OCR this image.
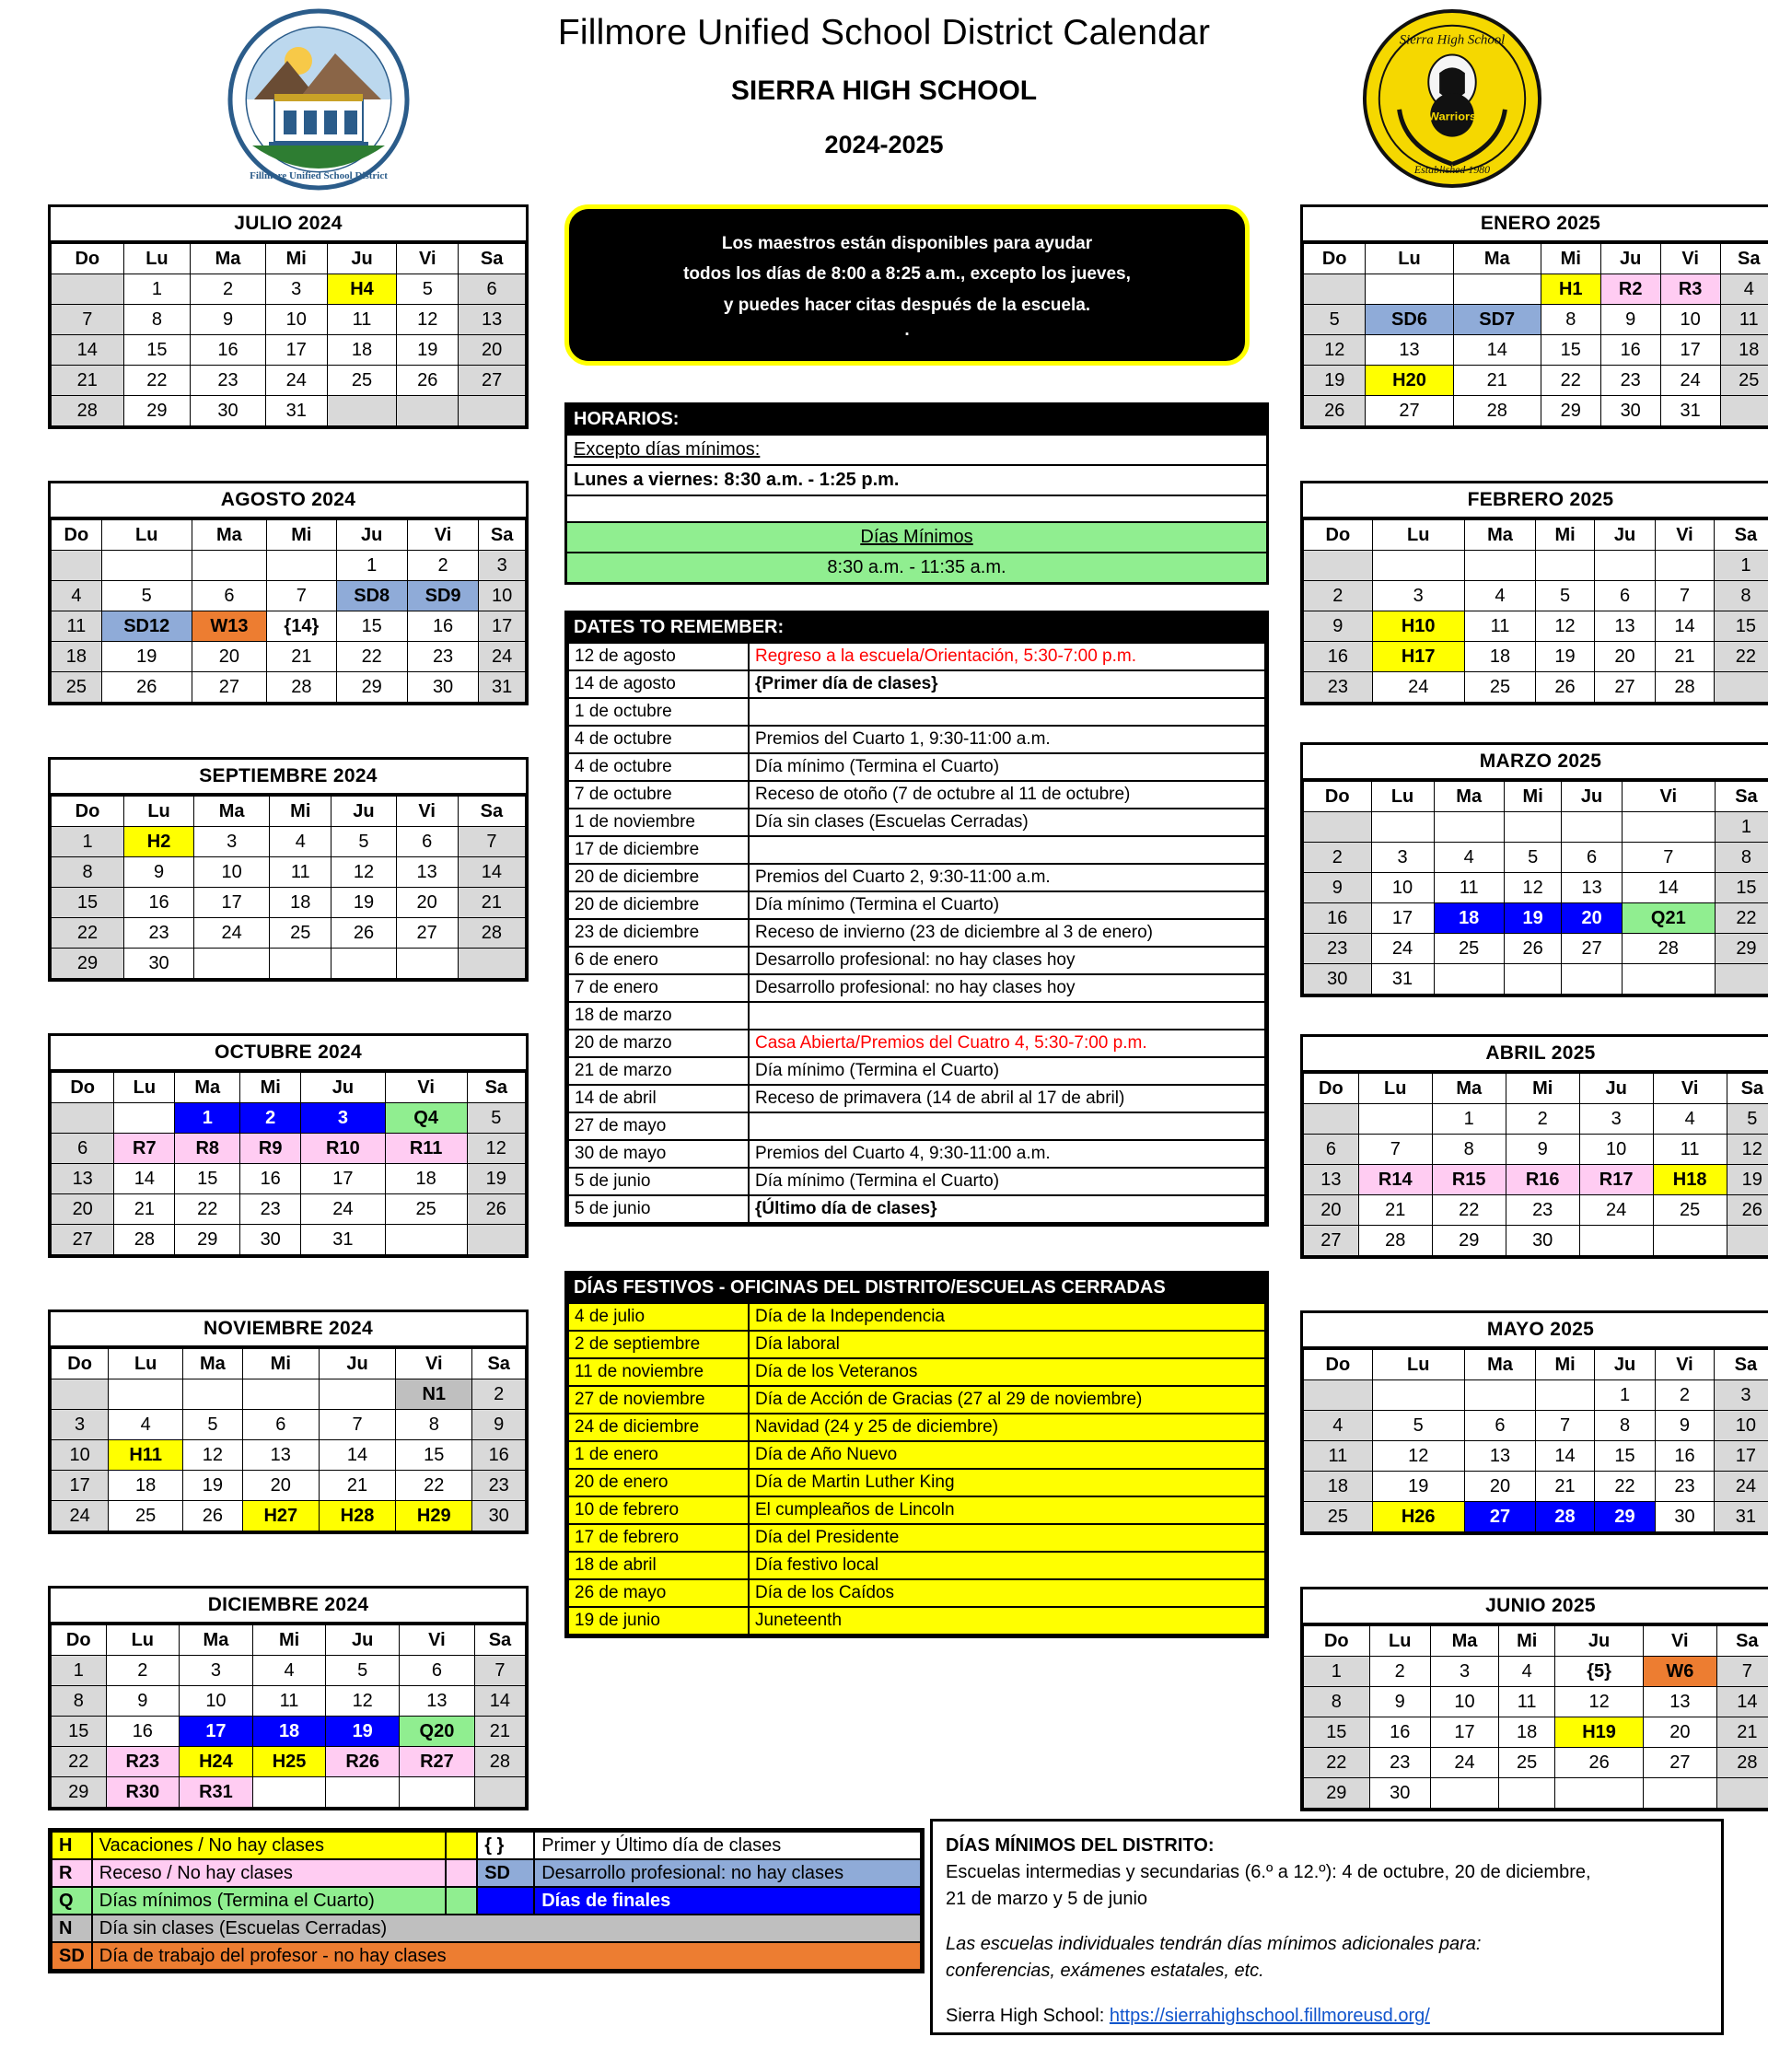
Fillmore Unified School District
Fillmore Unified School District Calendar
SIERRA HIGH SCHOOL
2024-2025
Sierra High School
Warriors
Established 1980
JULIO 2024
Do	Lu	Ma	Mi	Ju	Vi	Sa
	1	2	3	H4	5	6
7	8	9	10	11	12	13
14	15	16	17	18	19	20
21	22	23	24	25	26	27
28	29	30	31			
AGOSTO 2024
Do	Lu	Ma	Mi	Ju	Vi	Sa
				1	2	3
4	5	6	7	SD8	SD9	10
11	SD12	W13	{14}	15	16	17
18	19	20	21	22	23	24
25	26	27	28	29	30	31
SEPTIEMBRE 2024
Do	Lu	Ma	Mi	Ju	Vi	Sa
1	H2	3	4	5	6	7
8	9	10	11	12	13	14
15	16	17	18	19	20	21
22	23	24	25	26	27	28
29	30					
OCTUBRE 2024
Do	Lu	Ma	Mi	Ju	Vi	Sa
		1	2	3	Q4	5
6	R7	R8	R9	R10	R11	12
13	14	15	16	17	18	19
20	21	22	23	24	25	26
27	28	29	30	31		
NOVIEMBRE 2024
Do	Lu	Ma	Mi	Ju	Vi	Sa
					N1	2
3	4	5	6	7	8	9
10	H11	12	13	14	15	16
17	18	19	20	21	22	23
24	25	26	H27	H28	H29	30
DICIEMBRE 2024
Do	Lu	Ma	Mi	Ju	Vi	Sa
1	2	3	4	5	6	7
8	9	10	11	12	13	14
15	16	17	18	19	Q20	21
22	R23	H24	H25	R26	R27	28
29	R30	R31				
Los maestros están disponibles para ayudar
todos los días de 8:00 a 8:25 a.m., excepto los jueves,
y puedes hacer citas después de la escuela.
.
HORARIOS:
Excepto días mínimos:
Lunes a viernes: 8:30 a.m. - 1:25 p.m.
Días Mínimos
8:30 a.m. - 11:35 a.m.
DATES TO REMEMBER:
12 de agosto	Regreso a la escuela/Orientación, 5:30-7:00 p.m.
14 de agosto	{Primer día de clases}
1 de octubre	Finales (Cuarto 1) - 1 de octubre al 3 de octubre
4 de octubre	Premios del Cuarto 1, 9:30-11:00 a.m.
4 de octubre	Día mínimo (Termina el Cuarto)
7 de octubre	Receso de otoño (7 de octubre al 11 de octubre)
1 de noviembre	Día sin clases (Escuelas Cerradas)
17 de diciembre	Finales (Cuarto 2) - 17 de dic. al 19 de dic.
20 de diciembre	Premios del Cuarto 2, 9:30-11:00 a.m.
20 de diciembre	Día mínimo (Termina el Cuarto)
23 de diciembre	Receso de invierno (23 de diciembre al 3 de enero)
6 de enero	Desarrollo profesional: no hay clases hoy
7 de enero	Desarrollo profesional: no hay clases hoy
18 de marzo	Finales (Cuarto 3) - 18 de marzo al 20 de marzo
20 de marzo	Casa Abierta/Premios del Cuatro 4, 5:30-7:00 p.m.
21 de marzo	Día mínimo (Termina el Cuarto)
14 de abril	Receso de primavera (14 de abril al 17 de abril)
27 de mayo	Finales (Cuarto 4) - 27 de mayo al 29 de mayo
30 de mayo	Premios del Cuarto 4, 9:30-11:00 a.m.
5 de junio	Día mínimo (Termina el Cuarto)
5 de junio	{Último día de clases}
DÍAS FESTIVOS - OFICINAS DEL DISTRITO/ESCUELAS CERRADAS
4 de julio	Día de la Independencia
2 de septiembre	Día laboral
11 de noviembre	Día de los Veteranos
27 de noviembre	Día de Acción de Gracias (27 al 29 de noviembre)
24 de diciembre	Navidad (24 y 25 de diciembre)
1 de enero	Día de Año Nuevo
20 de enero	Día de Martin Luther King
10 de febrero	El cumpleaños de Lincoln
17 de febrero	Día del Presidente
18 de abril	Día festivo local
26 de mayo	Día de los Caídos
19 de junio	Juneteenth
ENERO 2025
Do	Lu	Ma	Mi	Ju	Vi	Sa
			H1	R2	R3	4
5	SD6	SD7	8	9	10	11
12	13	14	15	16	17	18
19	H20	21	22	23	24	25
26	27	28	29	30	31	
FEBRERO 2025
Do	Lu	Ma	Mi	Ju	Vi	Sa
						1
2	3	4	5	6	7	8
9	H10	11	12	13	14	15
16	H17	18	19	20	21	22
23	24	25	26	27	28	
MARZO 2025
Do	Lu	Ma	Mi	Ju	Vi	Sa
						1
2	3	4	5	6	7	8
9	10	11	12	13	14	15
16	17	18	19	20	Q21	22
23	24	25	26	27	28	29
30	31					
ABRIL 2025
Do	Lu	Ma	Mi	Ju	Vi	Sa
		1	2	3	4	5
6	7	8	9	10	11	12
13	R14	R15	R16	R17	H18	19
20	21	22	23	24	25	26
27	28	29	30			
MAYO 2025
Do	Lu	Ma	Mi	Ju	Vi	Sa
				1	2	3
4	5	6	7	8	9	10
11	12	13	14	15	16	17
18	19	20	21	22	23	24
25	H26	27	28	29	30	31
JUNIO 2025
Do	Lu	Ma	Mi	Ju	Vi	Sa
1	2	3	4	{5}	W6	7
8	9	10	11	12	13	14
15	16	17	18	H19	20	21
22	23	24	25	26	27	28
29	30					
H	Vacaciones / No hay clases		{ }	Primer y Último día de clases
R	Receso / No hay clases		SD	Desarrollo profesional: no hay clases
Q	Días mínimos (Termina el Cuarto)			Días de finales
N	Día sin clases (Escuelas Cerradas)			
SD	Día de trabajo del profesor - no hay clases			
DÍAS MÍNIMOS DEL DISTRITO:
Escuelas intermedias y secundarias (6.º a 12.º): 4 de octubre, 20 de diciembre,
21 de marzo y 5 de junio
Las escuelas individuales tendrán días mínimos adicionales para:
conferencias, exámenes estatales, etc.
Sierra High School: https://sierrahighschool.fillmoreusd.org/
